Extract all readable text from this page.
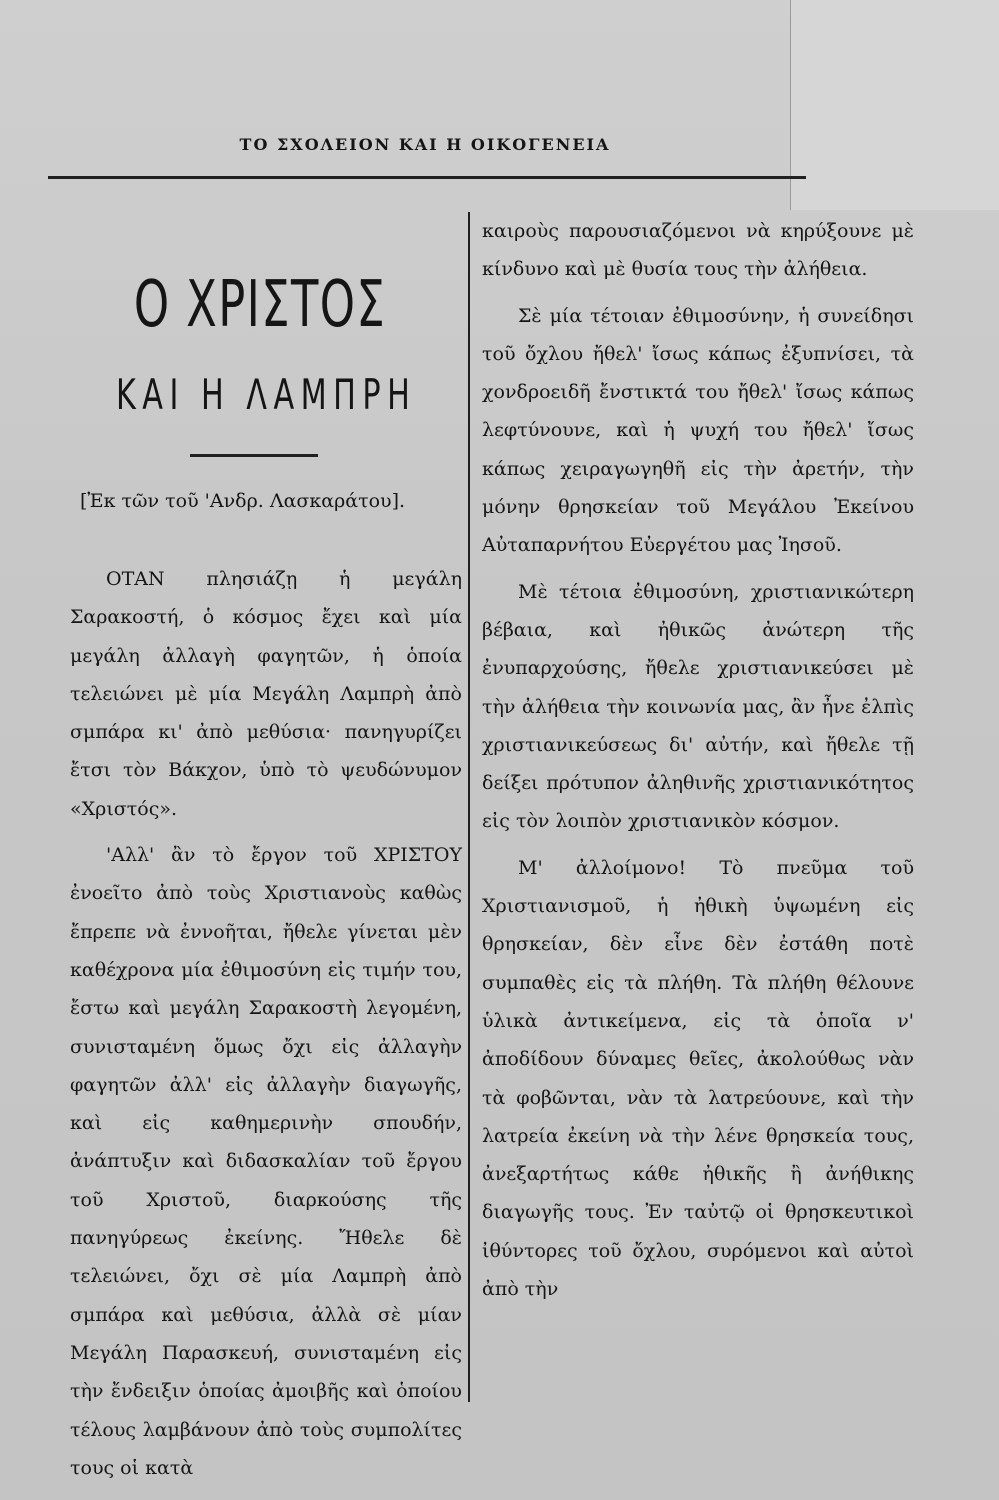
ΤΟ ΣΧΟΛΕΙΟΝ ΚΑΙ Η ΟΙΚΟΓΕΝΕΙΑ
Ο ΧΡΙΣΤΟΣ
ΚΑΙ Η ΛΑΜΠΡΗ
[Ἐκ τῶν τοῦ 'Ανδρ. Λασκαράτου].

ΟΤΑΝ πλησιάζῃ ἡ μεγάλη Σαρακοστή, ὁ κόσμος ἔχει καὶ μία μεγάλη ἀλλαγὴ φαγητῶν, ἡ ὁποία τελειώνει μὲ μία Μεγάλη Λαμπρὴ ἀπὸ σμπάρα κι' ἀπὸ μεθύσια· πανηγυρίζει ἔτσι τὸν Βάκχον, ὑπὸ τὸ ψευδώνυμον «Χριστός».

'Αλλ' ἂν τὸ ἔργον τοῦ ΧΡΙΣΤΟΥ ἐνοεῖτο ἀπὸ τοὺς Χριστιανοὺς καθὼς ἔπρεπε νὰ ἐννοῆται, ἤθελε γίνεται μὲν καθέχρονα μία ἐθιμοσύνη εἰς τιμήν του, ἔστω καὶ μεγάλη Σαρακοστὴ λεγομένη, συνισταμένη ὅμως ὄχι εἰς ἀλλαγὴν φαγητῶν ἀλλ' εἰς ἀλλαγὴν διαγωγῆς, καὶ εἰς καθημερινὴν σπουδήν, ἀνάπτυξιν καὶ διδασκαλίαν τοῦ ἔργου τοῦ Χριστοῦ, διαρκούσης τῆς πανηγύρεως ἐκείνης. Ἤθελε δὲ τελειώνει, ὄχι σὲ μία Λαμπρὴ ἀπὸ σμπάρα καὶ μεθύσια, ἀλλὰ σὲ μίαν Μεγάλη Παρασκευή, συνισταμένη εἰς τὴν ἔνδειξιν ὁποίας ἀμοιβῆς καὶ ὁποίου τέλους λαμβάνουν ἀπὸ τοὺς συμπολίτες τους οἱ κατὰ

καιροὺς παρουσιαζόμενοι νὰ κηρύξουνε μὲ κίνδυνο καὶ μὲ θυσία τους τὴν ἀλήθεια.

Σὲ μία τέτοιαν ἐθιμοσύνην, ἡ συνείδησι τοῦ ὄχλου ἤθελ' ἴσως κάπως ἐξυπνίσει, τὰ χονδροειδῆ ἔνστικτά του ἤθελ' ἴσως κάπως λεφτύνουνε, καὶ ἡ ψυχή του ἤθελ' ἴσως κάπως χειραγωγηθῆ εἰς τὴν ἀρετήν, τὴν μόνην θρησκείαν τοῦ Μεγάλου Ἐκείνου Αὐταπαρνήτου Εὐεργέτου μας Ἰησοῦ.

Μὲ τέτοια ἐθιμοσύνη, χριστιανικώτερη βέβαια, καὶ ἠθικῶς ἀνώτερη τῆς ἐνυπαρχούσης, ἤθελε χριστιανικεύσει μὲ τὴν ἀλήθεια τὴν κοινωνία μας, ἂν ἦνε ἐλπὶς χριστιανικεύσεως δι' αὐτήν, καὶ ἤθελε τῇ δείξει πρότυπον ἀληθινῆς χριστιανικότητος εἰς τὸν λοιπὸν χριστιανικὸν κόσμον.

Μ' ἀλλοίμονο! Τὸ πνεῦμα τοῦ Χριστιανισμοῦ, ἡ ἠθικὴ ὑψωμένη εἰς θρησκείαν, δὲν εἶνε δὲν ἐστάθη ποτὲ συμπαθὲς εἰς τὰ πλήθη. Τὰ πλήθη θέλουνε ὑλικὰ ἀντικείμενα, εἰς τὰ ὁποῖα ν' ἀποδίδουν δύναμες θεῖες, ἀκολούθως νὰν τὰ φοβῶνται, νὰν τὰ λατρεύουνε, καὶ τὴν λατρεία ἐκείνη νὰ τὴν λένε θρησκεία τους, ἀνεξαρτήτως κάθε ἠθικῆς ἢ ἀνήθικης διαγωγῆς τους. Ἐν ταὐτῷ οἱ θρησκευτικοὶ ἰθύντορες τοῦ ὄχλου, συρόμενοι καὶ αὐτοὶ ἀπὸ τὴν
